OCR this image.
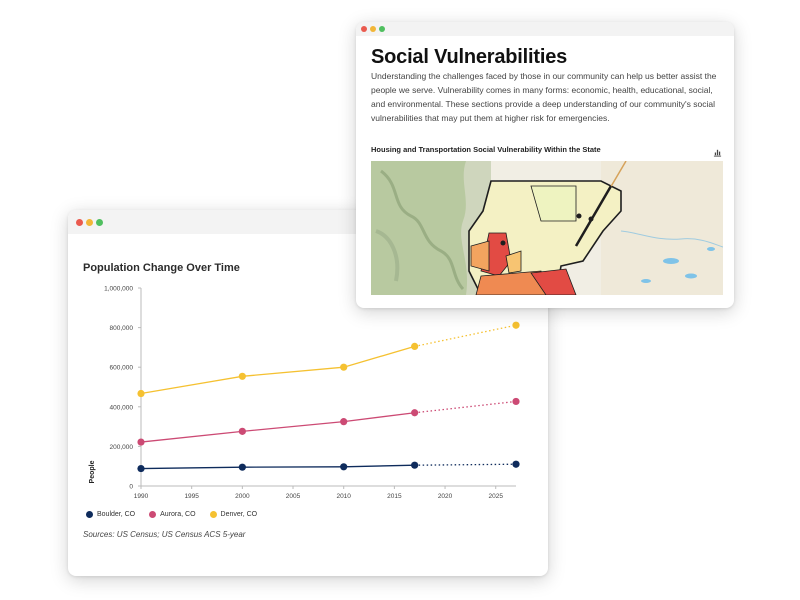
Population Change Over Time
0
200,000
400,000
600,000
800,000
1,000,000
1990	1995	2000	2005	2010	2015	2020	2025
People
Boulder, CO	Aurora, CO	Denver, CO
Sources: US Census; US Census ACS 5-year
Social Vulnerabilities

Understanding the challenges faced by those in our community can help us better assist the people we serve. Vulnerability comes in many forms: economic, health, educational, social, and environmental. These sections provide a deep understanding of our community's social vulnerabilities that may put them at higher risk for emergencies.

Housing and Transportation Social Vulnerability Within the State
